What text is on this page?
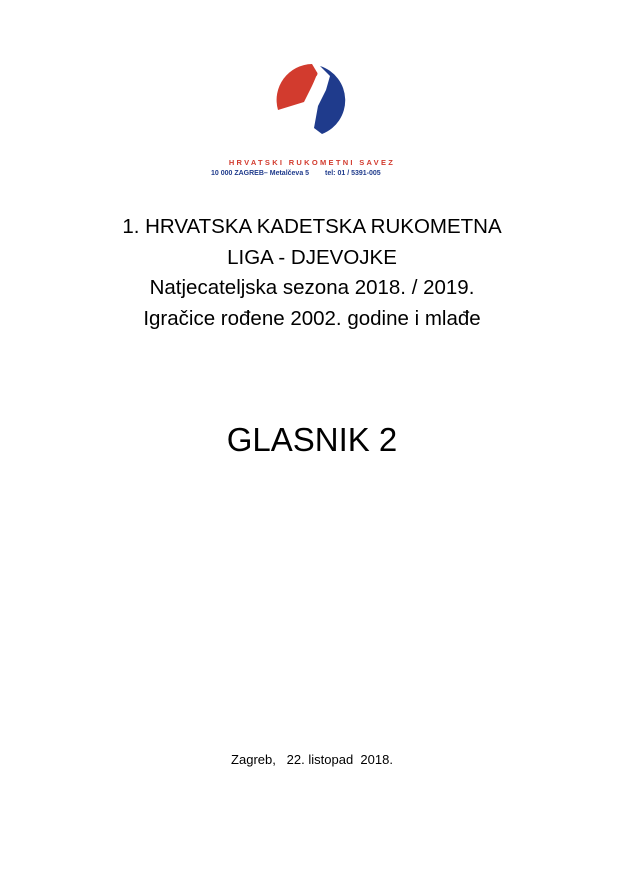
HRVATSKI RUKOMETNI SAVEZ
10 000 ZAGREB– Metalčeva 5 tel: 01 / 5391-005
1. HRVATSKA KADETSKA RUKOMETNA
LIGA - DJEVOJKE
Natjecateljska sezona 2018. / 2019.
Igračice rođene 2002. godine i mlađe
GLASNIK 2
Zagreb,   22. listopad  2018.
